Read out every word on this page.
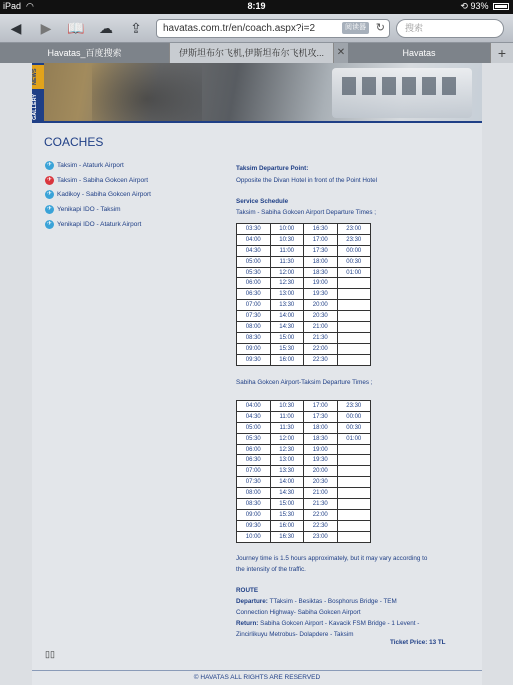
iPad ◠	8:19	⟲ 93%
◀	▶	📖 ☁ ⇪	havatas.com.tr/en/coach.aspx?i=2	阅读器 ↻	搜索
Havatas_百度搜索	伊斯坦布尔飞机,伊斯坦布尔飞机攻...	✕	Havatas	+
NEWS
GALLERY
COACHES
✈ Taksim - Ataturk Airport
✈ Taksim - Sabiha Gokcen Airport
✈ Kadikoy - Sabiha Gokcen Airport
✈ Yenikapi IDO - Taksim
✈ Yenikapi IDO - Ataturk Airport
Taksim Departure Point:
Opposite the Divan Hotel in front of the Point Hotel
Service Schedule
Taksim - Sabiha Gokcen Airport Departure Times ;
03:30	10:00	16:30	23:00
04:00	10:30	17:00	23:30
04:30	11:00	17:30	00:00
05:00	11:30	18:00	00:30
05:30	12:00	18:30	01:00
06:00	12:30	19:00	
06:30	13:00	19:30	
07:00	13:30	20:00	
07:30	14:00	20:30	
08:00	14:30	21:00	
08:30	15:00	21:30	
09:00	15:30	22:00	
09:30	16:00	22:30	
Sabiha Gokcen Airport-Taksim Departure Times ;
04:00	10:30	17:00	23:30
04:30	11:00	17:30	00:00
05:00	11:30	18:00	00:30
05:30	12:00	18:30	01:00
06:00	12:30	19:00	
06:30	13:00	19:30	
07:00	13:30	20:00	
07:30	14:00	20:30	
08:00	14:30	21:00	
08:30	15:00	21:30	
09:00	15:30	22:00	
09:30	16:00	22:30	
10:00	16:30	23:00	
Journey time is 1.5 hours approximately, but it may vary according to
the intensity of the traffic.
ROUTE
Departure: TTaksim - Besiktas - Bosphorus Bridge - TEM
Connection Highway- Sabiha Gokcen Airport
Return: Sabiha Gokcen Airport - Kavacik FSM Bridge - 1 Levent -
Zincirlikuyu Metrobus- Dolapdere - Taksim
Ticket Price: 13 TL
▯▯
© HAVATAS ALL RIGHTS ARE RESERVED
